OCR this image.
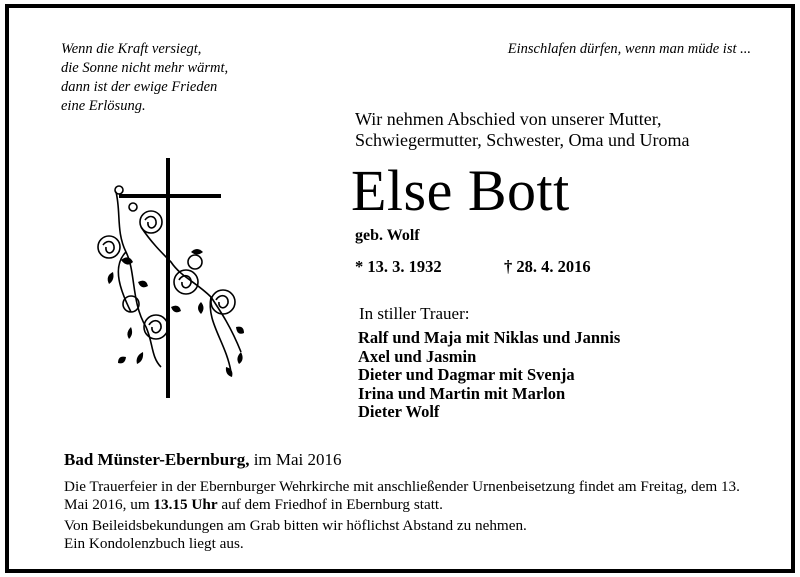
Wenn die Kraft versiegt,
die Sonne nicht mehr wärmt,
dann ist der ewige Frieden
eine Erlösung.
Einschlafen dürfen, wenn man müde ist ...
Wir nehmen Abschied von unserer Mutter,
Schwiegermutter, Schwester, Oma und Uroma
Else Bott
geb. Wolf
* 13. 3. 1932	† 28. 4. 2016
In stiller Trauer:
Ralf und Maja mit Niklas und Jannis
Axel und Jasmin
Dieter und Dagmar mit Svenja
Irina und Martin mit Marlon
Dieter Wolf
Bad Münster-Ebernburg, im Mai 2016
Die Trauerfeier in der Ebernburger Wehrkirche mit anschließender Urnenbeisetzung findet am Freitag, dem 13. Mai 2016, um 13.15 Uhr auf dem Friedhof in Ebernburg statt.
Von Beileidsbekundungen am Grab bitten wir höflichst Abstand zu nehmen.
Ein Kondolenzbuch liegt aus.
